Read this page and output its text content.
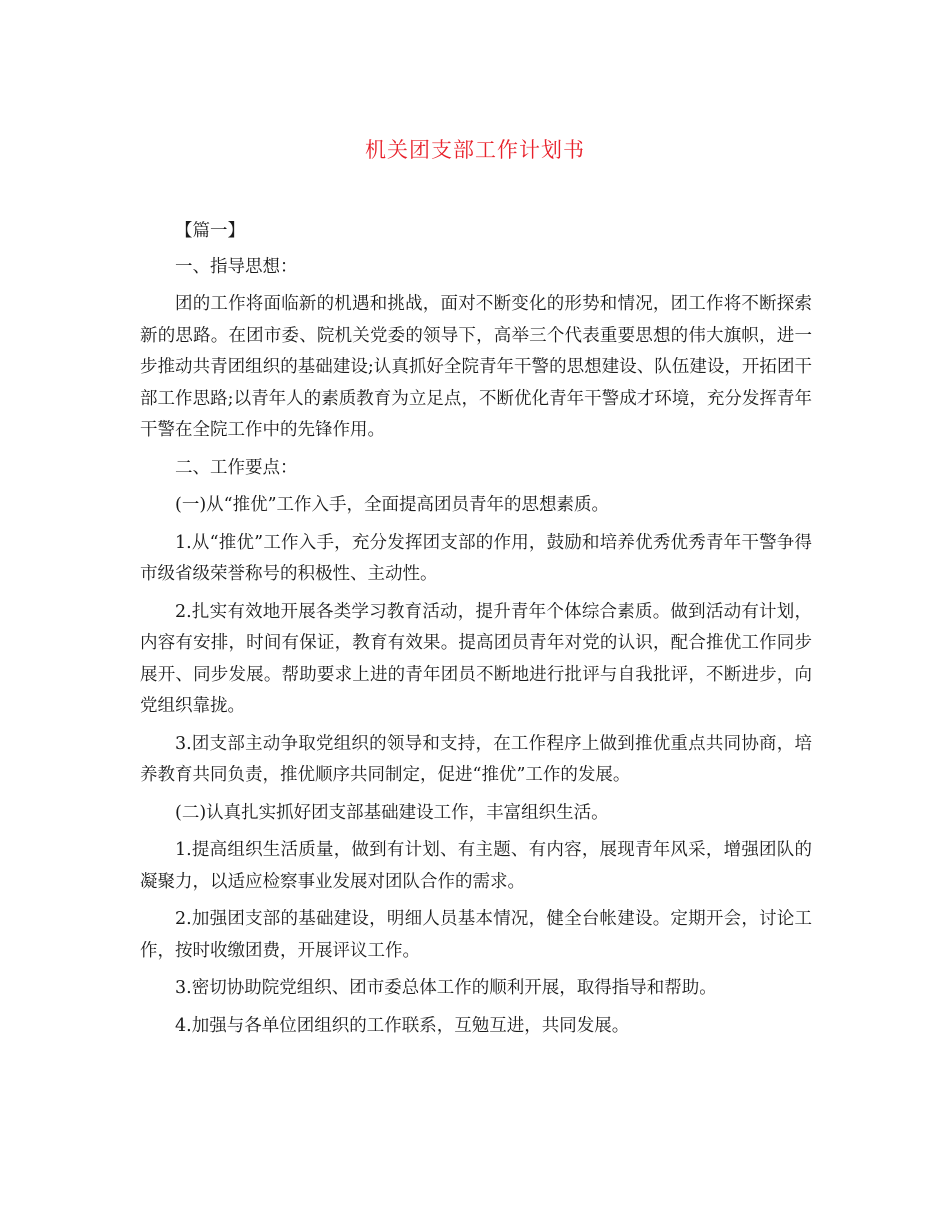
机关团支部工作计划书

【篇一】

一、指导思想：

团的工作将面临新的机遇和挑战，面对不断变化的形势和情况，团工作将不断探索新的思路。在团市委、院机关党委的领导下，高举三个代表重要思想的伟大旗帜，进一步推动共青团组织的基础建设;认真抓好全院青年干警的思想建设、队伍建设，开拓团干部工作思路;以青年人的素质教育为立足点，不断优化青年干警成才环境，充分发挥青年干警在全院工作中的先锋作用。

二、工作要点：

(一)从“推优”工作入手，全面提高团员青年的思想素质。

1.从“推优”工作入手，充分发挥团支部的作用，鼓励和培养优秀优秀青年干警争得市级省级荣誉称号的积极性、主动性。

2.扎实有效地开展各类学习教育活动，提升青年个体综合素质。做到活动有计划，内容有安排，时间有保证，教育有效果。提高团员青年对党的认识，配合推优工作同步展开、同步发展。帮助要求上进的青年团员不断地进行批评与自我批评，不断进步，向党组织靠拢。

3.团支部主动争取党组织的领导和支持，在工作程序上做到推优重点共同协商，培养教育共同负责，推优顺序共同制定，促进“推优”工作的发展。

(二)认真扎实抓好团支部基础建设工作，丰富组织生活。

1.提高组织生活质量，做到有计划、有主题、有内容，展现青年风采，增强团队的凝聚力，以适应检察事业发展对团队合作的需求。

2.加强团支部的基础建设，明细人员基本情况，健全台帐建设。定期开会，讨论工作，按时收缴团费，开展评议工作。

3.密切协助院党组织、团市委总体工作的顺利开展，取得指导和帮助。

4.加强与各单位团组织的工作联系，互勉互进，共同发展。
